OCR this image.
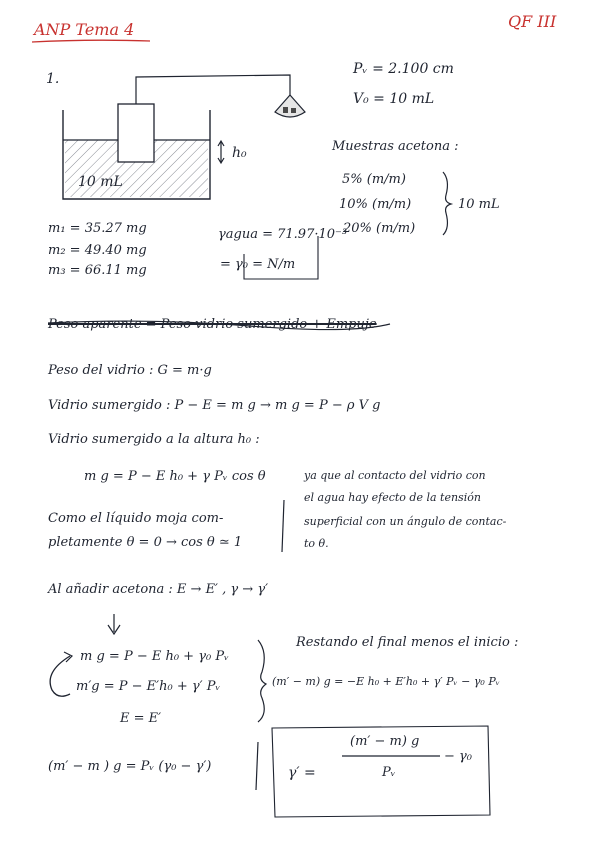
ANP Tema 4	QF III
1.
10 mL
h₀
Pᵥ = 2.100 cm
V₀ = 10 mL
Muestras acetona :
5% (m/m)
10% (m/m)
20% (m/m)
10 mL
m₁ = 35.27 mg
m₂ = 49.40 mg
m₃ = 66.11 mg
γagua = 71.97·10⁻³
= γ₀ = N/m
Peso aparente = Peso vidrio sumergido + Empuje
Peso del vidrio : G = m·g
Vidrio sumergido : P − E = m g → m g = P − ρ V g
Vidrio sumergido a la altura h₀ :
m g = P − E h₀ + γ Pᵥ cos θ	ya que al contacto del vidrio con
el agua hay efecto de la tensión
superficial con un ángulo de contac-
to θ.
Como el líquido moja com-
pletamente θ = 0 → cos θ ≃ 1
Al añadir acetona : E → E′ , γ → γ′
m g = P − E h₀ + γ₀ Pᵥ
m′g = P − E′h₀ + γ′ Pᵥ
E = E′
Restando el final menos el inicio :
(m′ − m) g = −E h₀ + E′h₀ + γ′ Pᵥ − γ₀ Pᵥ
(m′ − m ) g = Pᵥ (γ₀ − γ′)	γ′ =
(m′ − m) g
Pᵥ
− γ₀
